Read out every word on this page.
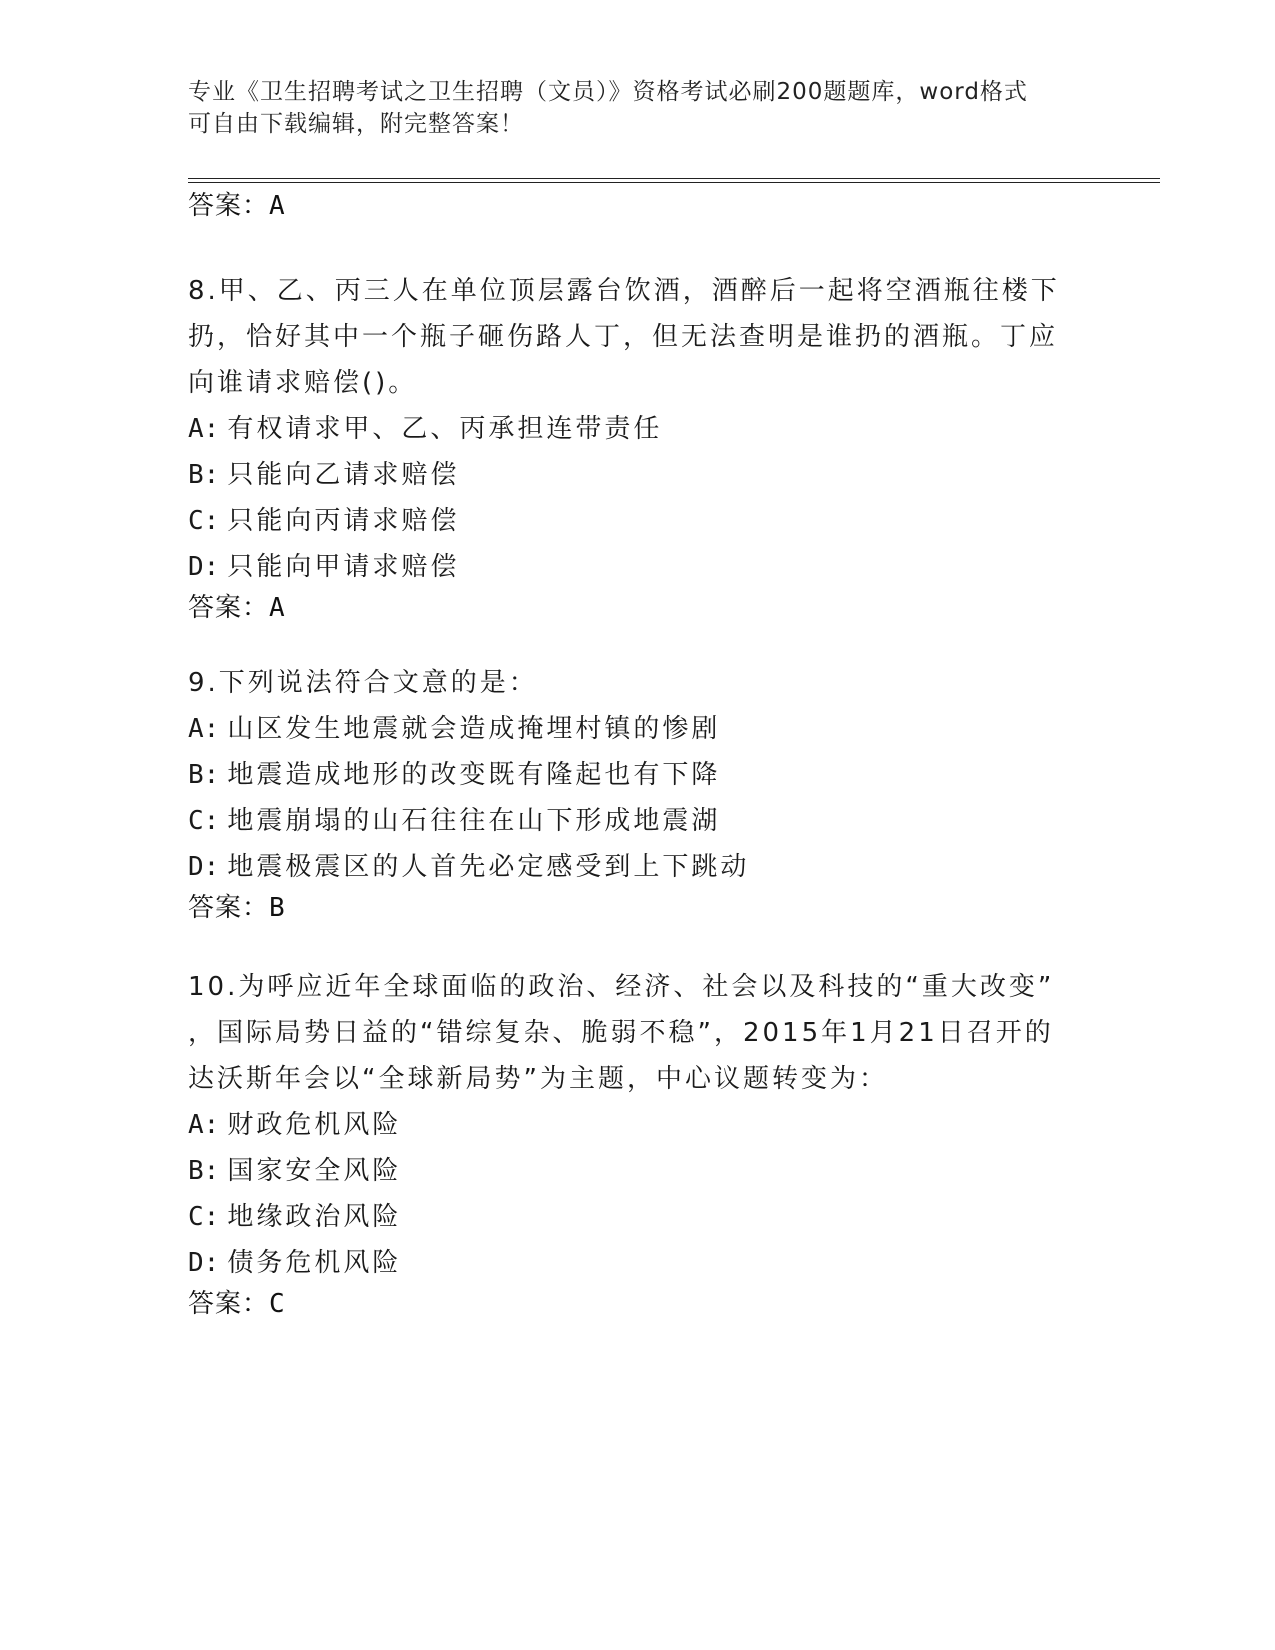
专业《卫生招聘考试之卫生招聘（文员）》资格考试必刷200题题库，word格式
可自由下载编辑，附完整答案！
答案：A
8.甲、乙、丙三人在单位顶层露台饮酒，酒醉后一起将空酒瓶往楼下
扔，恰好其中一个瓶子砸伤路人丁，但无法查明是谁扔的酒瓶。丁应
向谁请求赔偿()。
A: 有权请求甲、乙、丙承担连带责任
B: 只能向乙请求赔偿
C: 只能向丙请求赔偿
D: 只能向甲请求赔偿
答案：A
9.下列说法符合文意的是：
A: 山区发生地震就会造成掩埋村镇的惨剧
B: 地震造成地形的改变既有隆起也有下降
C: 地震崩塌的山石往往在山下形成地震湖
D: 地震极震区的人首先必定感受到上下跳动
答案：B
10.为呼应近年全球面临的政治、经济、社会以及科技的“重大改变”
，国际局势日益的“错综复杂、脆弱不稳”，2015年1月21日召开的
达沃斯年会以“全球新局势”为主题，中心议题转变为：
A: 财政危机风险
B: 国家安全风险
C: 地缘政治风险
D: 债务危机风险
答案：C
